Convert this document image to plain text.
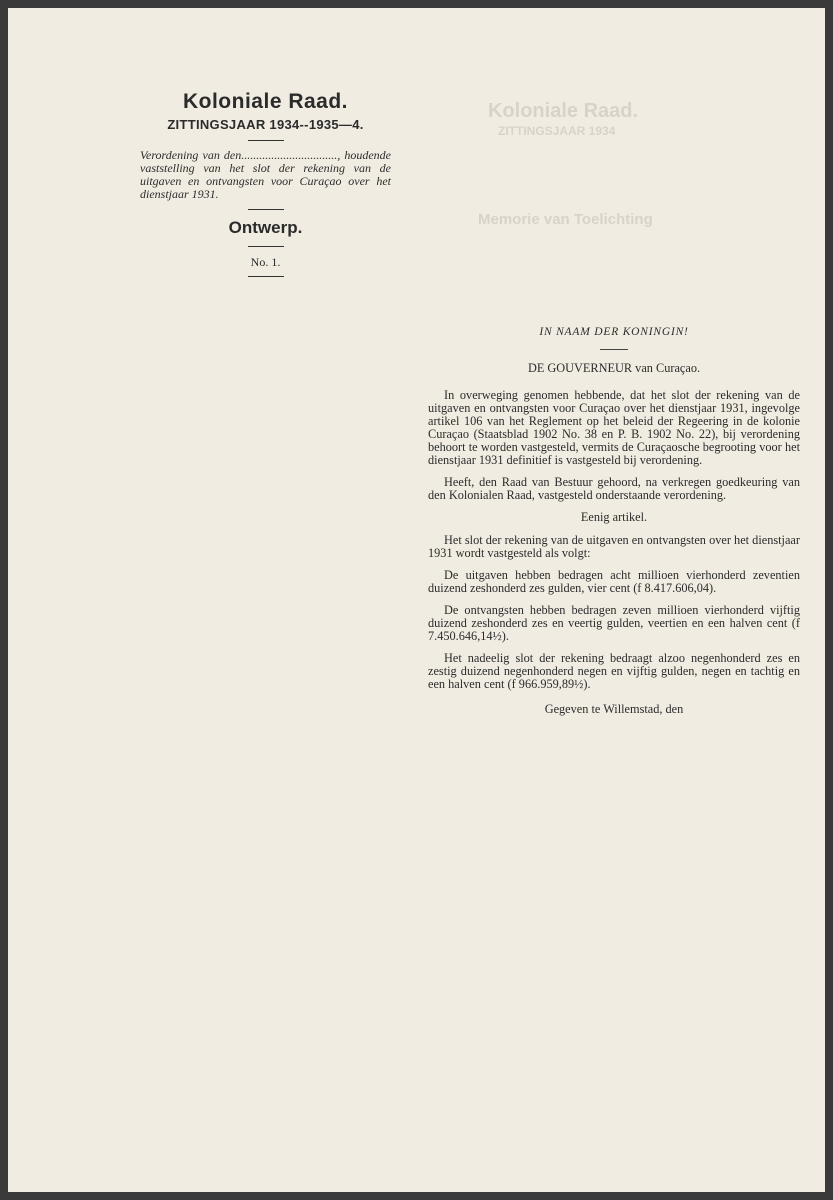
Koloniale Raad.
ZITTINGSJAAR 1934
Memorie van Toelichting
Koloniale Raad.
ZITTINGSJAAR 1934--1935—4.
Verordening van den................................, houdende vaststelling van het slot der rekening van de uitgaven en ontvangsten voor Curaçao over het dienstjaar 1931.
Ontwerp.
No. 1.
IN NAAM DER KONINGIN!
DE GOUVERNEUR van Curaçao.

In overweging genomen hebbende, dat het slot der rekening van de uitgaven en ontvangsten voor Curaçao over het dienstjaar 1931, ingevolge artikel 106 van het Reglement op het beleid der Regeering in de kolonie Curaçao (Staatsblad 1902 No. 38 en P. B. 1902 No. 22), bij verordening behoort te worden vastgesteld, vermits de Curaçaosche begrooting voor het dienstjaar 1931 definitief is vastgesteld bij verordening.

Heeft, den Raad van Bestuur gehoord, na verkregen goedkeuring van den Kolonialen Raad, vastgesteld onderstaande verordening.

Eenig artikel.

Het slot der rekening van de uitgaven en ontvangsten over het dienstjaar 1931 wordt vastgesteld als volgt:

De uitgaven hebben bedragen acht millioen vierhonderd zeventien duizend zeshonderd zes gulden, vier cent (f 8.417.606,04).

De ontvangsten hebben bedragen zeven millioen vierhonderd vijftig duizend zeshonderd zes en veertig gulden, veertien en een halven cent (f 7.450.646,14½).

Het nadeelig slot der rekening bedraagt alzoo negenhonderd zes en zestig duizend negenhonderd negen en vijftig gulden, negen en tachtig en een halven cent (f 966.959,89½).

Gegeven te Willemstad, den
